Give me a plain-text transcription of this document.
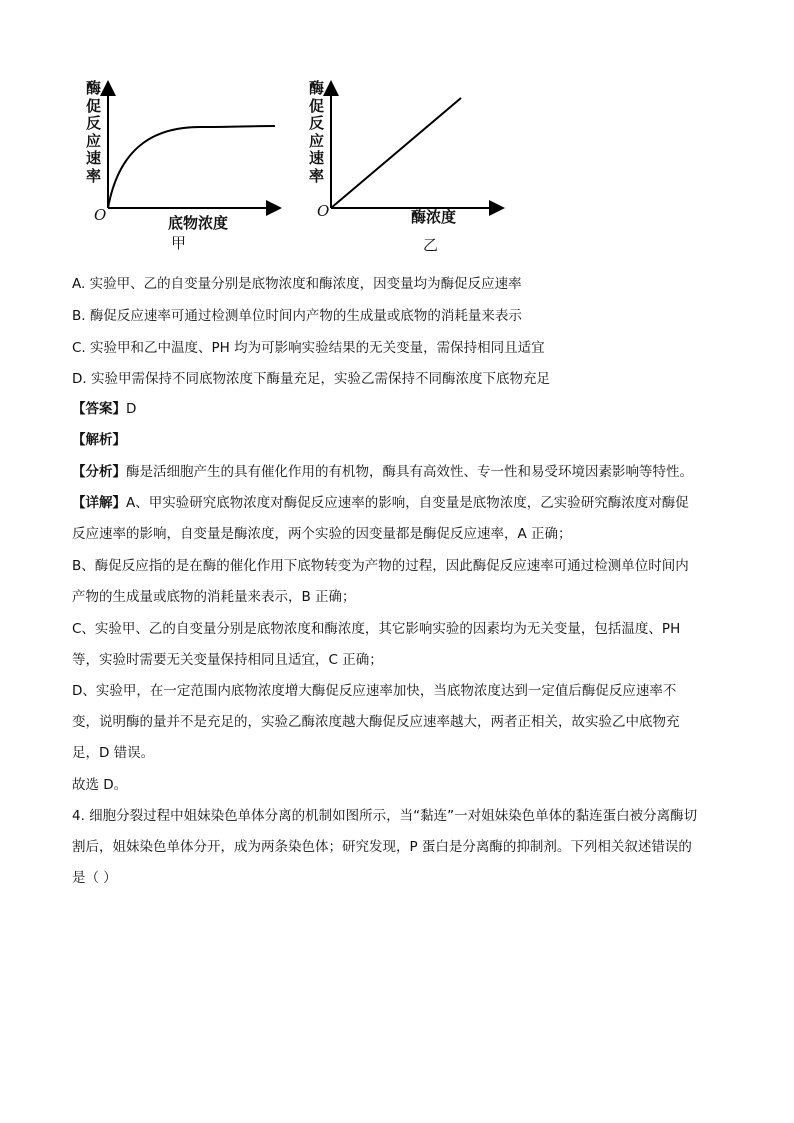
酶促反应速率
O	底物浓度
甲
酶促反应速率
O	酶浓度
乙
A. 实验甲、乙的自变量分别是底物浓度和酶浓度，因变量均为酶促反应速率
B. 酶促反应速率可通过检测单位时间内产物的生成量或底物的消耗量来表示
C. 实验甲和乙中温度、PH 均为可影响实验结果的无关变量，需保持相同且适宜
D. 实验甲需保持不同底物浓度下酶量充足，实验乙需保持不同酶浓度下底物充足
【答案】D
【解析】
【分析】酶是活细胞产生的具有催化作用的有机物，酶具有高效性、专一性和易受环境因素影响等特性。
【详解】A、甲实验研究底物浓度对酶促反应速率的影响，自变量是底物浓度，乙实验研究酶浓度对酶促
反应速率的影响，自变量是酶浓度，两个实验的因变量都是酶促反应速率，A 正确；
B、酶促反应指的是在酶的催化作用下底物转变为产物的过程，因此酶促反应速率可通过检测单位时间内
产物的生成量或底物的消耗量来表示，B 正确；
C、实验甲、乙的自变量分别是底物浓度和酶浓度，其它影响实验的因素均为无关变量，包括温度、PH
等，实验时需要无关变量保持相同且适宜，C 正确；
D、实验甲，在一定范围内底物浓度增大酶促反应速率加快，当底物浓度达到一定值后酶促反应速率不
变，说明酶的量并不是充足的，实验乙酶浓度越大酶促反应速率越大，两者正相关，故实验乙中底物充
足，D 错误。
故选 D。
4. 细胞分裂过程中姐妹染色单体分离的机制如图所示，当“黏连”一对姐妹染色单体的黏连蛋白被分离酶切
割后，姐妹染色单体分开，成为两条染色体；研究发现，P 蛋白是分离酶的抑制剂。下列相关叙述错误的
是（ ）
